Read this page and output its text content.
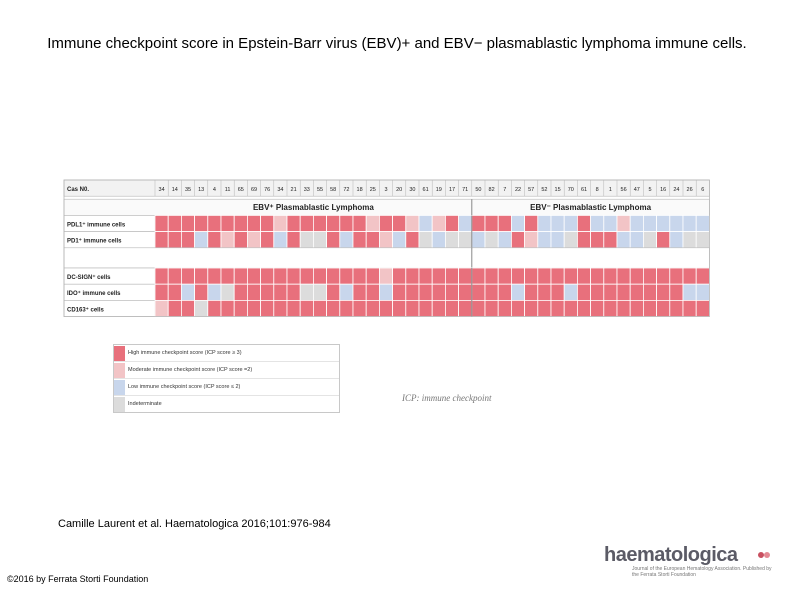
Immune checkpoint score in Epstein-Barr virus (EBV)+ and EBV− plasmablastic lymphoma immune cells.
Cas N0.	34 14 35 13 4 11 65 69 76 34 21 33 55 58 72 18 25 3 20 30 61 19 17 71 50 82 7 22 57 52 15 70 61 8 1 56 47 5 16 24 26 6
EBV⁺ Plasmablastic Lymphoma	EBV⁻ Plasmablastic Lymphoma
PDL1⁺ immune cells
PD1⁺ immune cells
DC-SIGN⁺ cells
IDO⁺ immune cells
CD163⁺ cells
High immune checkpoint score (ICP score ≥ 3)
Moderate immune checkpoint score (ICP score =2)
Low immune checkpoint score (ICP score ≤ 2)
Indeterminate
ICP: immune checkpoint
Camille Laurent et al. Haematologica 2016;101:976-984
©2016 by Ferrata Storti Foundation
haematologica
Journal of the European Hematology Association. Published by the Ferrata Storti Foundation
